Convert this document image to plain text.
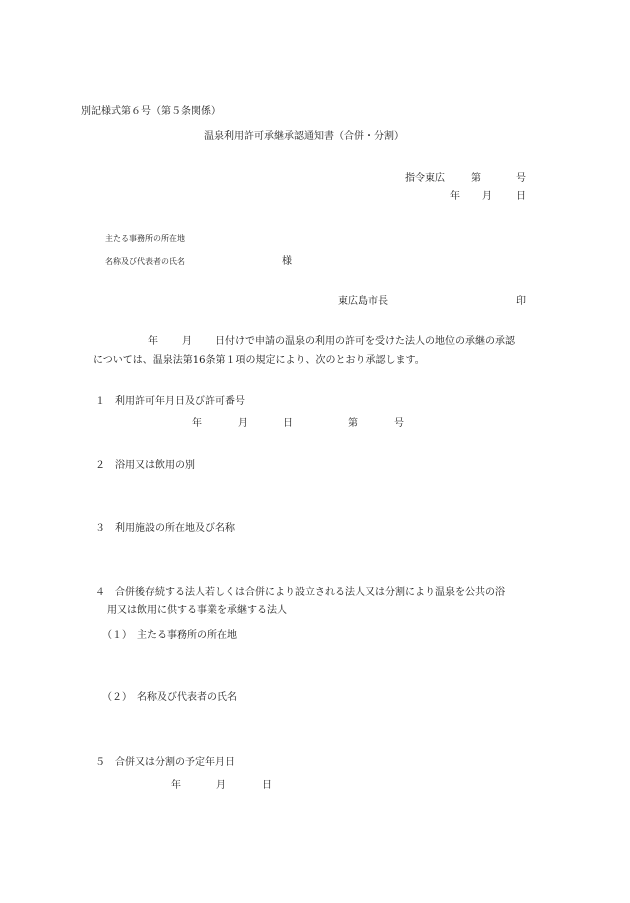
別記様式第６号（第５条関係）
温泉利用許可承継承認通知書（合併・分割）
指令東広	第	号
年 月 日
主たる事務所の所在地
名称及び代表者の氏名	様
東広島市長	印
年 月 日付けで申請の温泉の利用の許可を受けた法人の地位の承継の承認
については、温泉法第16条第１項の規定により、次のとおり承認します。
１　利用許可年月日及び許可番号
年	月	日	第	号
２　浴用又は飲用の別
３　利用施設の所在地及び名称
４　合併後存続する法人若しくは合併により設立される法人又は分割により温泉を公共の浴
用又は飲用に供する事業を承継する法人
（１）　主たる事務所の所在地
（２）　名称及び代表者の氏名
５　合併又は分割の予定年月日
年	月	日
